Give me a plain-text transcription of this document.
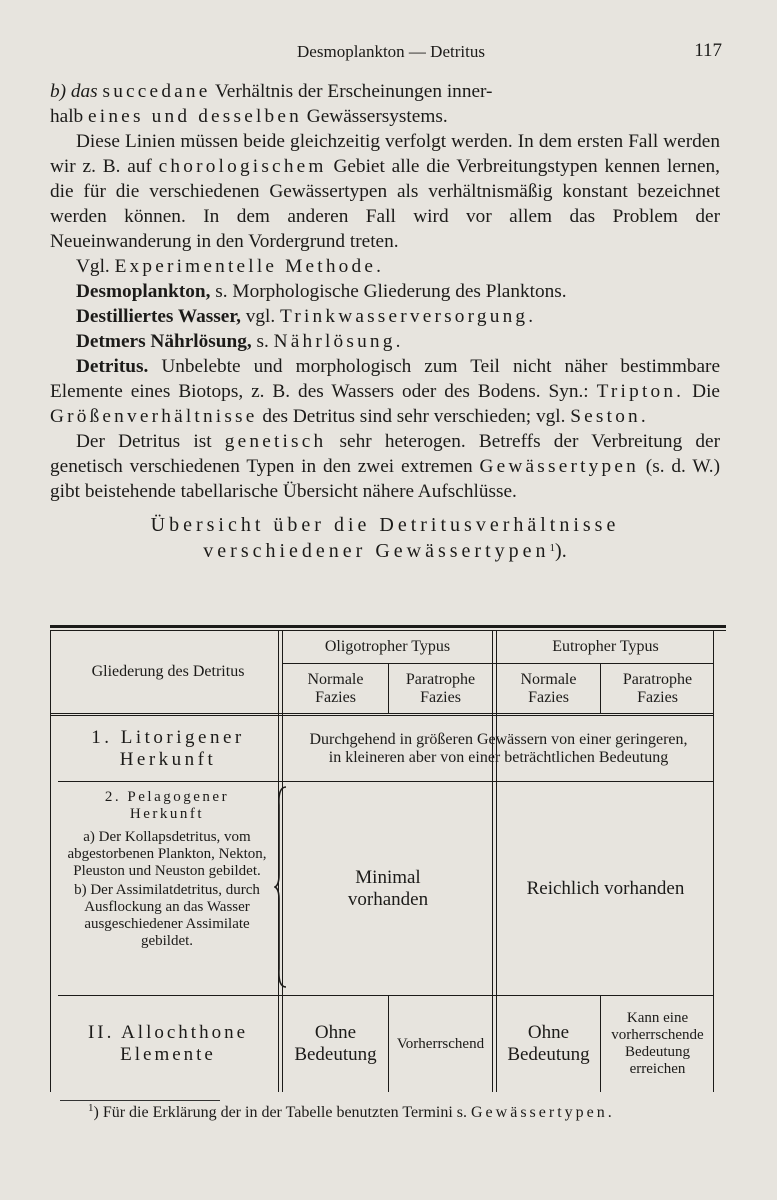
Desmoplankton — Detritus	117

b) das succedane Verhältnis der Erscheinungen inner-
halb eines und desselben Gewässersystems.

Diese Linien müssen beide gleichzeitig verfolgt werden. In dem ersten Fall werden wir z. B. auf chorologischem Gebiet alle die Verbreitungstypen kennen lernen, die für die verschiedenen Gewässertypen als verhältnismäßig konstant bezeichnet werden können. In dem anderen Fall wird vor allem das Problem der Neueinwanderung in den Vordergrund treten.

Vgl. Experimentelle Methode.

Desmoplankton, s. Morphologische Gliederung des Planktons.

Destilliertes Wasser, vgl. Trinkwasserversorgung.

Detmers Nährlösung, s. Nährlösung.

Detritus. Unbelebte und morphologisch zum Teil nicht näher bestimmbare Elemente eines Biotops, z. B. des Wassers oder des Bodens. Syn.: Tripton. Die Größenverhältnisse des Detritus sind sehr verschieden; vgl. Seston.

Der Detritus ist genetisch sehr heterogen. Betreffs der Verbreitung der genetisch verschiedenen Typen in den zwei extremen Gewässertypen (s. d. W.) gibt beistehende tabellarische Übersicht nähere Aufschlüsse.

Übersicht über die Detritusverhältnisse
verschiedener Gewässertypen$^1$).
Gliederung des Detritus
Oligotropher Typus	Eutropher Typus
Normale Fazies
Paratrophe Fazies
Normale Fazies
Paratrophe Fazies
1. Litorigener Herkunft
Durchgehend in größeren Gewässern von einer geringeren, in kleineren aber von einer beträchtlichen Bedeutung
2. Pelagogener Herkunft
a) Der Kollapsdetritus, vom abgestorbenen Plankton, Nekton, Pleuston und Neuston gebildet.
b) Der Assimilatdetritus, durch Ausflockung an das Wasser ausgeschiedener Assimilate gebildet.
Minimal vorhanden
Reichlich vorhanden
II. Allochthone Elemente
Ohne Bedeutung
Vorherrschend
Ohne Bedeutung
Kann eine vorherrschende Bedeutung erreichen
$^1$) Für die Erklärung der in der Tabelle benutzten Termini s. Gewässertypen.
